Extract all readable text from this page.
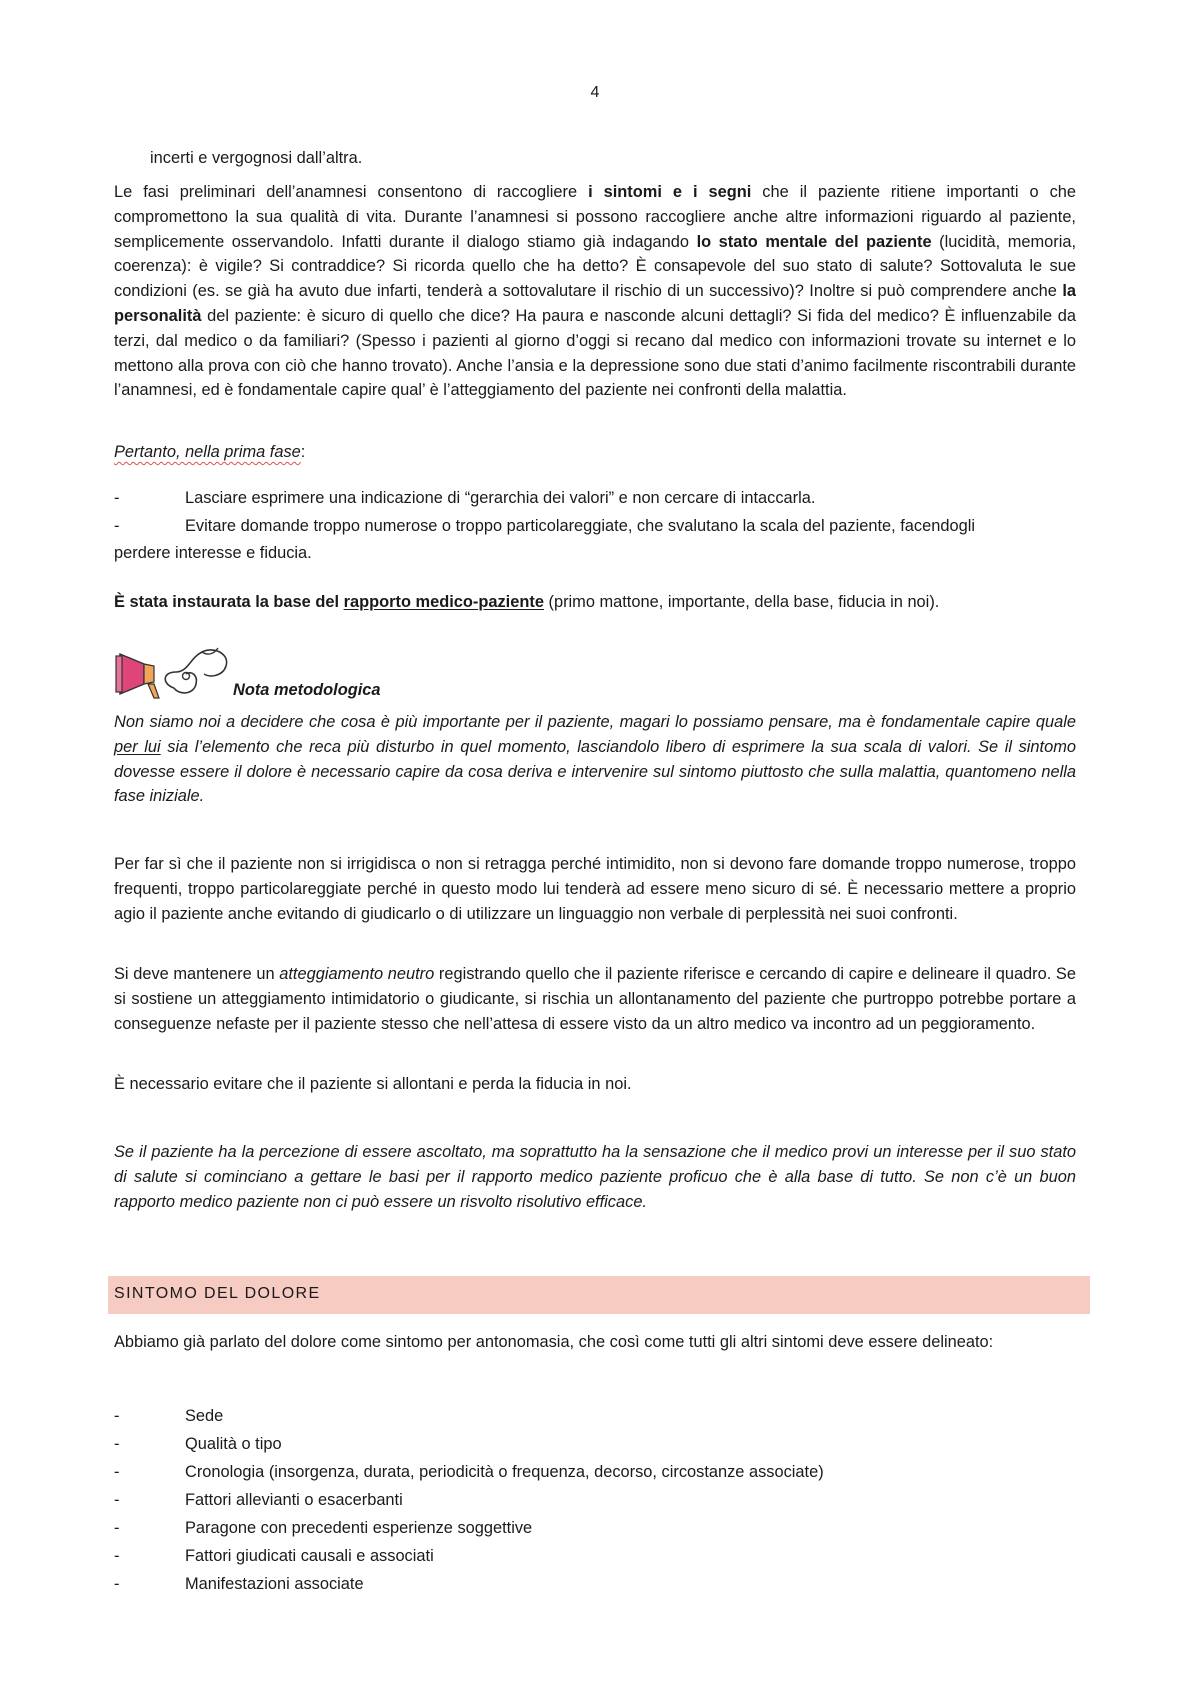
4
incerti e vergognosi dall’altra.

Le fasi preliminari dell’anamnesi consentono di raccogliere i sintomi e i segni che il paziente ritiene importanti o che compromettono la sua qualità di vita. Durante l’anamnesi si possono raccogliere anche altre informazioni riguardo al paziente, semplicemente osservandolo. Infatti durante il dialogo stiamo già indagando lo stato mentale del paziente (lucidità, memoria, coerenza): è vigile? Si contraddice? Si ricorda quello che ha detto? È consapevole del suo stato di salute? Sottovaluta le sue condizioni (es. se già ha avuto due infarti, tenderà a sottovalutare il rischio di un successivo)? Inoltre si può comprendere anche la personalità del paziente: è sicuro di quello che dice? Ha paura e nasconde alcuni dettagli? Si fida del medico? È influenzabile da terzi, dal medico o da familiari? (Spesso i pazienti al giorno d’oggi si recano dal medico con informazioni trovate su internet e lo mettono alla prova con ciò che hanno trovato). Anche l’ansia e la depressione sono due stati d’animo facilmente riscontrabili durante l’anamnesi, ed è fondamentale capire qual’ è l’atteggiamento del paziente nei confronti della malattia.

Pertanto, nella prima fase:
-	Lasciare esprimere una indicazione di “gerarchia dei valori” e non cercare di intaccarla.
-	Evitare domande troppo numerose o troppo particolareggiate, che svalutano la scala del paziente, facendogli
perdere interesse e fiducia.
È stata instaurata la base del rapporto medico-paziente (primo mattone, importante, della base, fiducia in noi).
Nota metodologica

Non siamo noi a decidere che cosa è più importante per il paziente, magari lo possiamo pensare, ma è fondamentale capire quale per lui sia l’elemento che reca più disturbo in quel momento, lasciandolo libero di esprimere la sua scala di valori. Se il sintomo dovesse essere il dolore è necessario capire da cosa deriva e intervenire sul sintomo piuttosto che sulla malattia, quantomeno nella fase iniziale.

Per far sì che il paziente non si irrigidisca o non si retragga perché intimidito, non si devono fare domande troppo numerose, troppo frequenti, troppo particolareggiate perché in questo modo lui tenderà ad essere meno sicuro di sé. È necessario mettere a proprio agio il paziente anche evitando di giudicarlo o di utilizzare un linguaggio non verbale di perplessità nei suoi confronti.

Si deve mantenere un atteggiamento neutro registrando quello che il paziente riferisce e cercando di capire e delineare il quadro. Se si sostiene un atteggiamento intimidatorio o giudicante, si rischia un allontanamento del paziente che purtroppo potrebbe portare a conseguenze nefaste per il paziente stesso che nell’attesa di essere visto da un altro medico va incontro ad un peggioramento.

È necessario evitare che il paziente si allontani e perda la fiducia in noi.

Se il paziente ha la percezione di essere ascoltato, ma soprattutto ha la sensazione che il medico provi un interesse per il suo stato di salute si cominciano a gettare le basi per il rapporto medico paziente proficuo che è alla base di tutto. Se non c’è un buon rapporto medico paziente non ci può essere un risvolto risolutivo efficace.

SINTOMO DEL DOLORE

Abbiamo già parlato del dolore come sintomo per antonomasia, che così come tutti gli altri sintomi deve essere delineato:

-	Sede
-	Qualità o tipo
-	Cronologia (insorgenza, durata, periodicità o frequenza, decorso, circostanze associate)
-	Fattori allevianti o esacerbanti
-	Paragone con precedenti esperienze soggettive
-	Fattori giudicati causali e associati
-	Manifestazioni associate
